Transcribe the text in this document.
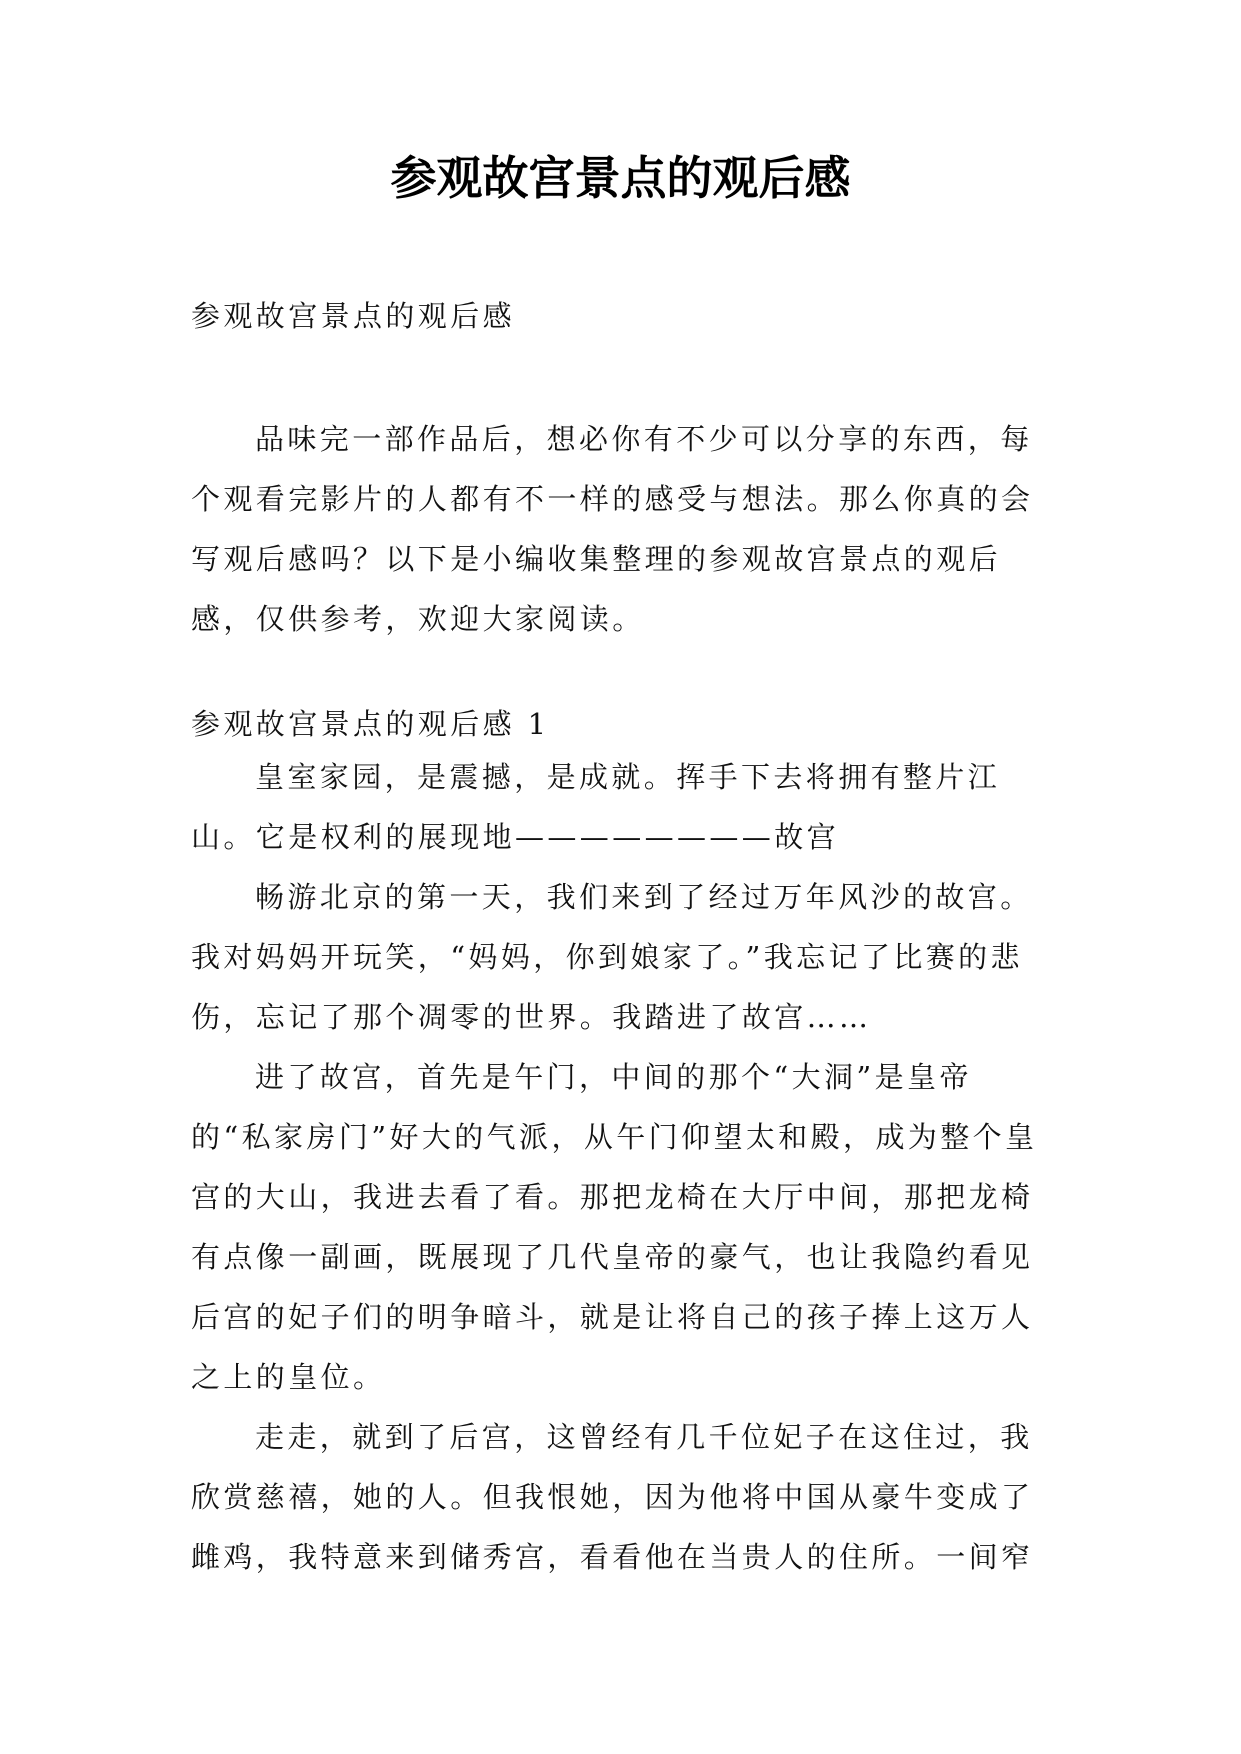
参观故宫景点的观后感
参观故宫景点的观后感

品味完一部作品后，想必你有不少可以分享的东西，每个观看完影片的人都有不一样的感受与想法。那么你真的会写观后感吗？以下是小编收集整理的参观故宫景点的观后感，仅供参考，欢迎大家阅读。

参观故宫景点的观后感 1

皇室家园，是震撼，是成就。挥手下去将拥有整片江山。它是权利的展现地————————故宫

畅游北京的第一天，我们来到了经过万年风沙的故宫。我对妈妈开玩笑，“妈妈，你到娘家了。”我忘记了比赛的悲伤，忘记了那个凋零的世界。我踏进了故宫……

进了故宫，首先是午门，中间的那个“大洞”是皇帝的“私家房门”好大的气派，从午门仰望太和殿，成为整个皇宫的大山，我进去看了看。那把龙椅在大厅中间，那把龙椅有点像一副画，既展现了几代皇帝的豪气，也让我隐约看见后宫的妃子们的明争暗斗，就是让将自己的孩子捧上这万人之上的皇位。

走走，就到了后宫，这曾经有几千位妃子在这住过，我欣赏慈禧，她的人。但我恨她，因为他将中国从豪牛变成了雌鸡，我特意来到储秀宫，看看他在当贵人的住所。一间窄
